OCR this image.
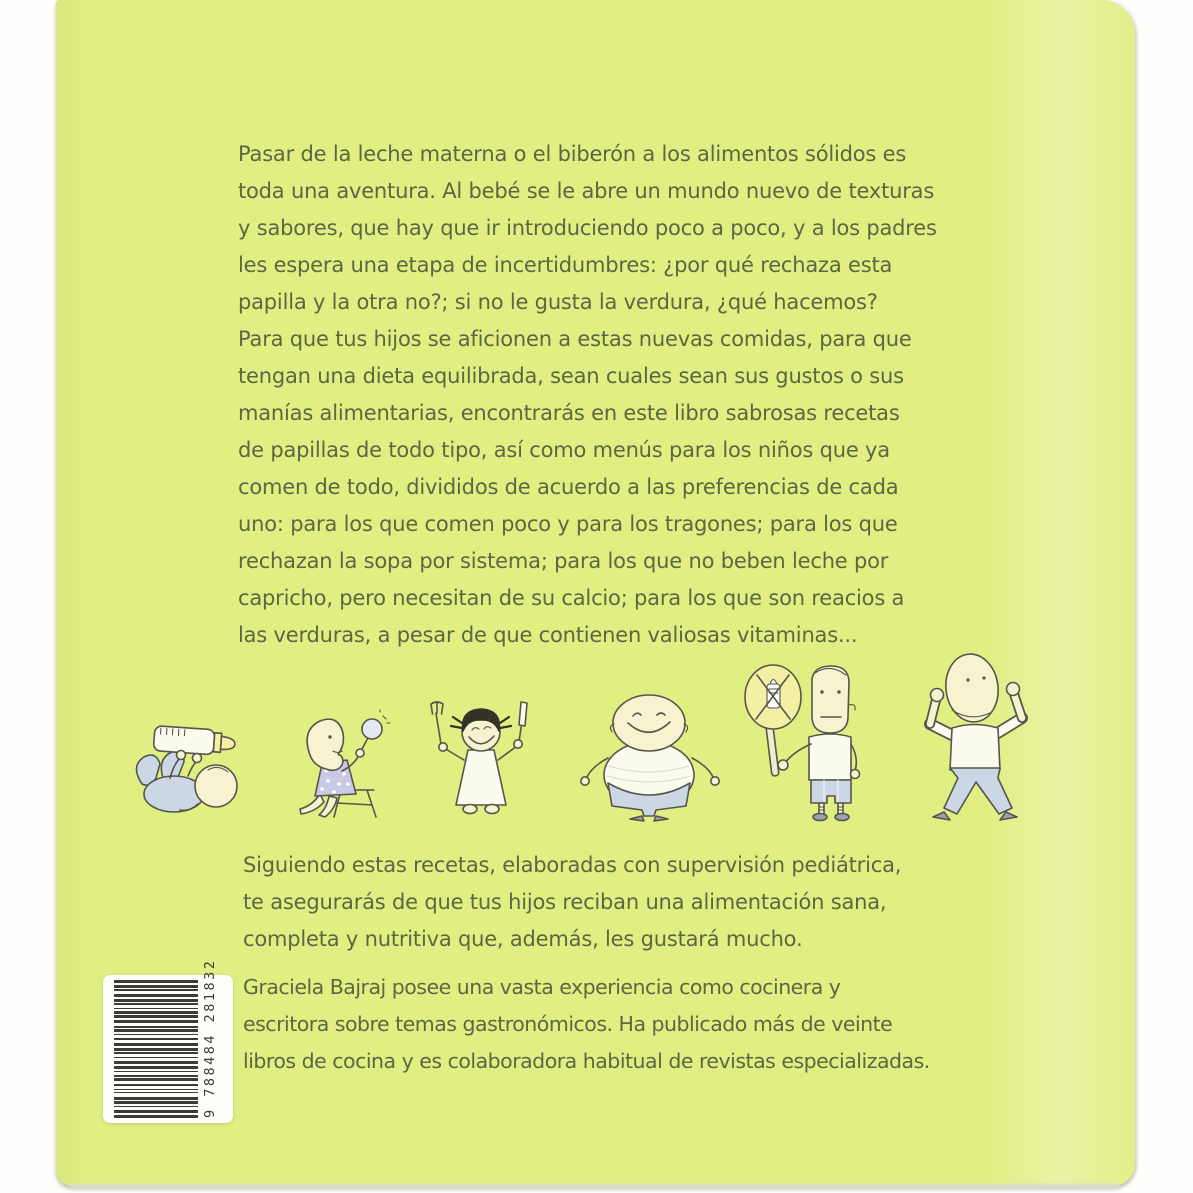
Pasar de la leche materna o el biberón a los alimentos sólidos es
toda una aventura. Al bebé se le abre un mundo nuevo de texturas
y sabores, que hay que ir introduciendo poco a poco, y a los padres
les espera una etapa de incertidumbres: ¿por qué rechaza esta
papilla y la otra no?; si no le gusta la verdura, ¿qué hacemos?
Para que tus hijos se aficionen a estas nuevas comidas, para que
tengan una dieta equilibrada, sean cuales sean sus gustos o sus
manías alimentarias, encontrarás en este libro sabrosas recetas
de papillas de todo tipo, así como menús para los niños que ya
comen de todo, divididos de acuerdo a las preferencias de cada
uno: para los que comen poco y para los tragones; para los que
rechazan la sopa por sistema; para los que no beben leche por
capricho, pero necesitan de su calcio; para los que son reacios a
las verduras, a pesar de que contienen valiosas vitaminas...
Siguiendo estas recetas, elaboradas con supervisión pediátrica,
te asegurarás de que tus hijos reciban una alimentación sana,
completa y nutritiva que, además, les gustará mucho.
Graciela Bajraj posee una vasta experiencia como cocinera y
escritora sobre temas gastronómicos. Ha publicado más de veinte
libros de cocina y es colaboradora habitual de revistas especializadas.
9 788484 281832
